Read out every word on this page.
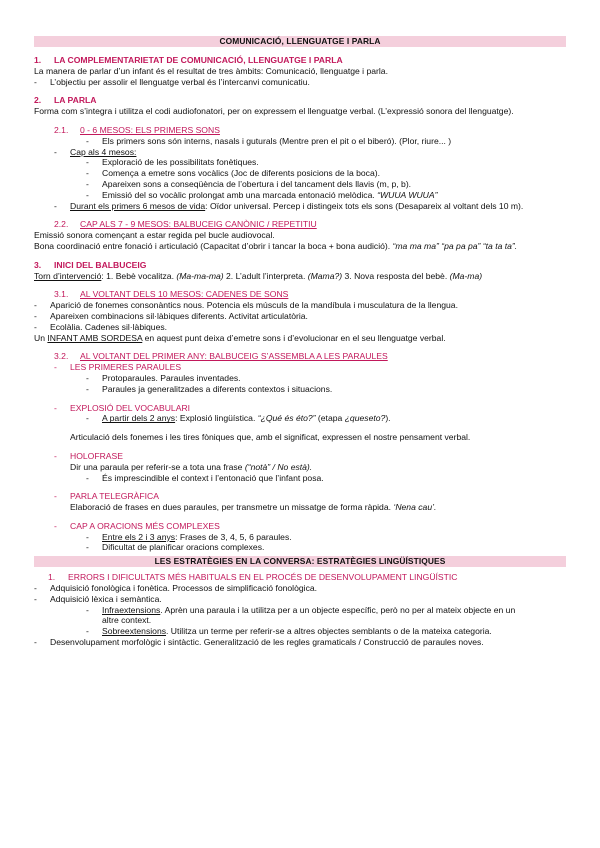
COMUNICACIÓ, LLENGUATGE I PARLA
1. LA COMPLEMENTARIETAT DE COMUNICACIÓ, LLENGUATGE I PARLA
La manera de parlar d’un infant és el resultat de tres àmbits: Comunicació, llenguatge i parla.
- L’objectiu per assolir el llenguatge verbal és l’intercanvi comunicatiu.
2. LA PARLA
Forma com s’integra i utilitza el codi audiofonatori, per on expressem el llenguatge verbal. (L’expressió sonora del llenguatge).
2.1. 0 - 6 MESOS: ELS PRIMERS SONS
- Els primers sons són interns, nasals i guturals (Mentre pren el pit o el biberó). (Plor, riure... )
- Cap als 4 mesos:
- Exploració de les possibilitats fonètiques.
- Comença a emetre sons vocàlics (Joc de diferents posicions de la boca).
- Apareixen sons a conseqüència de l’obertura i del tancament dels llavis (m, p, b).
- Emissió del so vocàlic prolongat amb una marcada entonació melòdica. “WUUA WUUA”
- Durant els primers 6 mesos de vida: Oïdor universal. Percep i distingeix tots els sons (Desapareix al voltant dels 10 m).
2.2. CAP ALS 7 - 9 MESOS: BALBUCEIG CANÒNIC / REPETITIU
Emissió sonora començant a estar regida pel bucle audiovocal.
Bona coordinació entre fonació i articulació (Capacitat d’obrir i tancar la boca + bona audició). “ma ma ma” “pa pa pa” “ta ta ta”.
3. INICI DEL BALBUCEIG
Torn d’intervenció: 1. Bebè vocalitza. (Ma-ma-ma) 2. L’adult l’interpreta. (Mama?) 3. Nova resposta del bebè. (Ma-ma)
3.1. AL VOLTANT DELS 10 MESOS: CADENES DE SONS
- Aparició de fonemes consonàntics nous. Potencia els músculs de la mandíbula i musculatura de la llengua.
- Apareixen combinacions sil·làbiques diferents. Activitat articulatòria.
- Ecolàlia. Cadenes sil·làbiques.
Un INFANT AMB SORDESA en aquest punt deixa d’emetre sons i d’evolucionar en el seu llenguatge verbal.
3.2. AL VOLTANT DEL PRIMER ANY: BALBUCEIG S’ASSEMBLA A LES PARAULES
- LES PRIMERES PARAULES
- Protoparaules. Paraules inventades.
- Paraules ja generalitzades a diferents contextos i situacions.
- EXPLOSIÓ DEL VOCABULARI
- A partir dels 2 anys: Explosió lingüística. “¿Qué és éto?” (etapa ¿queseto?).
Articulació dels fonemes i les tires fòniques que, amb el significat, expressen el nostre pensament verbal.
- HOLOFRASE
Dir una paraula per referir-se a tota una frase (“notà” / No està).
- És imprescindible el context i l’entonació que l’infant posa.
- PARLA TELEGRÀFICA
Elaboració de frases en dues paraules, per transmetre un missatge de forma ràpida. ‘Nena cau’.
- CAP A ORACIONS MÉS COMPLEXES
- Entre els 2 i 3 anys: Frases de 3, 4, 5, 6 paraules.
- Dificultat de planificar oracions complexes.
LES ESTRATÈGIES EN LA CONVERSA: ESTRATÈGIES LINGÜÍSTIQUES
1. ERRORS I DIFICULTATS MÉS HABITUALS EN EL PROCÉS DE DESENVOLUPAMENT LINGÜÍSTIC
- Adquisició fonològica i fonètica. Processos de simplificació fonològica.
- Adquisició lèxica i semàntica.
- Infraextensions. Aprèn una paraula i la utilitza per a un objecte específic, però no per al mateix objecte en un
altre context.
- Sobreextensions. Utilitza un terme per referir-se a altres objectes semblants o de la mateixa categoria.
- Desenvolupament morfològic i sintàctic. Generalització de les regles gramaticals / Construcció de paraules noves.
